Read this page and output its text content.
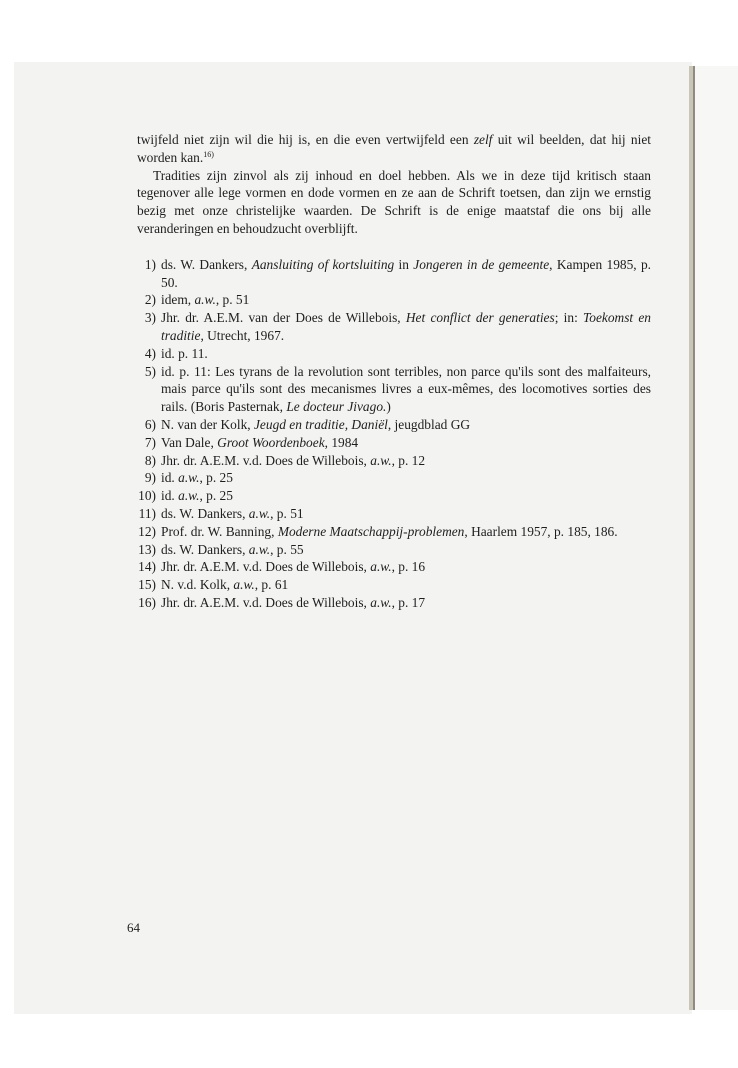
twijfeld niet zijn wil die hij is, en die even vertwijfeld een zelf uit wil beelden, dat hij niet worden kan.$^{16)}$

Tradities zijn zinvol als zij inhoud en doel hebben. Als we in deze tijd kritisch staan tegenover alle lege vormen en dode vormen en ze aan de Schrift toetsen, dan zijn we ernstig bezig met onze christelijke waarden. De Schrift is de enige maatstaf die ons bij alle veranderingen en behoudzucht overblijft.

1) ds. W. Dankers, Aansluiting of kortsluiting in Jongeren in de gemeente, Kampen 1985, p. 50.
2) idem, a.w., p. 51
3) Jhr. dr. A.E.M. van der Does de Willebois, Het conflict der generaties; in: Toekomst en traditie, Utrecht, 1967.
4) id. p. 11.
5) id. p. 11: Les tyrans de la revolution sont terribles, non parce qu'ils sont des malfaiteurs, mais parce qu'ils sont des mecanismes livres a eux-mêmes, des locomotives sorties des rails. (Boris Pasternak, Le docteur Jivago.)
6) N. van der Kolk, Jeugd en traditie, Daniël, jeugdblad GG
7) Van Dale, Groot Woordenboek, 1984
8) Jhr. dr. A.E.M. v.d. Does de Willebois, a.w., p. 12
9) id. a.w., p. 25
10) id. a.w., p. 25
11) ds. W. Dankers, a.w., p. 51
12) Prof. dr. W. Banning, Moderne Maatschappij-problemen, Haarlem 1957, p. 185, 186.
13) ds. W. Dankers, a.w., p. 55
14) Jhr. dr. A.E.M. v.d. Does de Willebois, a.w., p. 16
15) N. v.d. Kolk, a.w., p. 61
16) Jhr. dr. A.E.M. v.d. Does de Willebois, a.w., p. 17
64
